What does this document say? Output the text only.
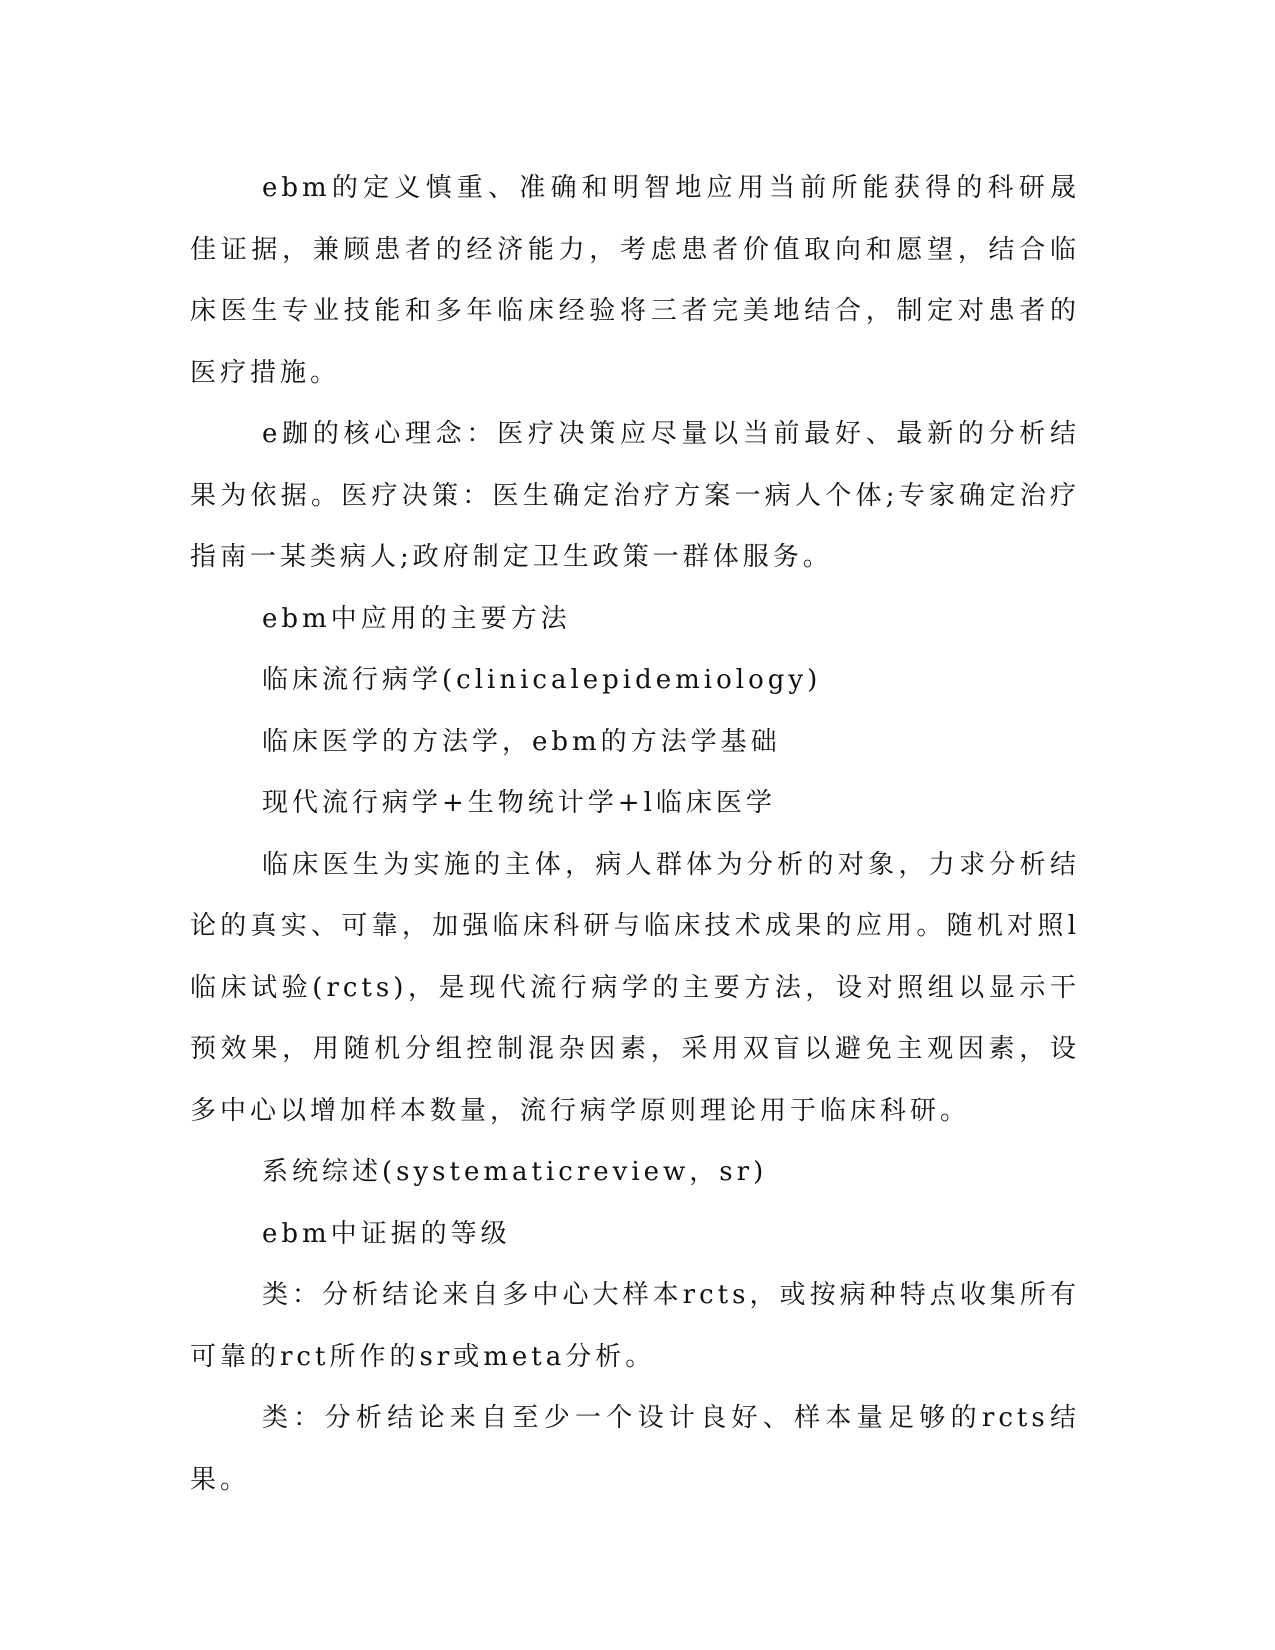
ebm的定义慎重、准确和明智地应用当前所能获得的科研晟佳证据，兼顾患者的经济能力，考虑患者价值取向和愿望，结合临床医生专业技能和多年临床经验将三者完美地结合，制定对患者的医疗措施。

e跏的核心理念：医疗决策应尽量以当前最好、最新的分析结果为依据。医疗决策：医生确定治疗方案一病人个体;专家确定治疗指南一某类病人;政府制定卫生政策一群体服务。

ebm中应用的主要方法

临床流行病学(clinicalepidemiology)

临床医学的方法学，ebm的方法学基础

现代流行病学+生物统计学+l临床医学

临床医生为实施的主体，病人群体为分析的对象，力求分析结论的真实、可靠，加强临床科研与临床技术成果的应用。随机对照l临床试验(rcts)，是现代流行病学的主要方法，设对照组以显示干预效果，用随机分组控制混杂因素，采用双盲以避免主观因素，设多中心以增加样本数量，流行病学原则理论用于临床科研。

系统综述(systematicreview，sr)

ebm中证据的等级

类：分析结论来自多中心大样本rcts，或按病种特点收集所有可靠的rct所作的sr或meta分析。

类：分析结论来自至少一个设计良好、样本量足够的rcts结果。
